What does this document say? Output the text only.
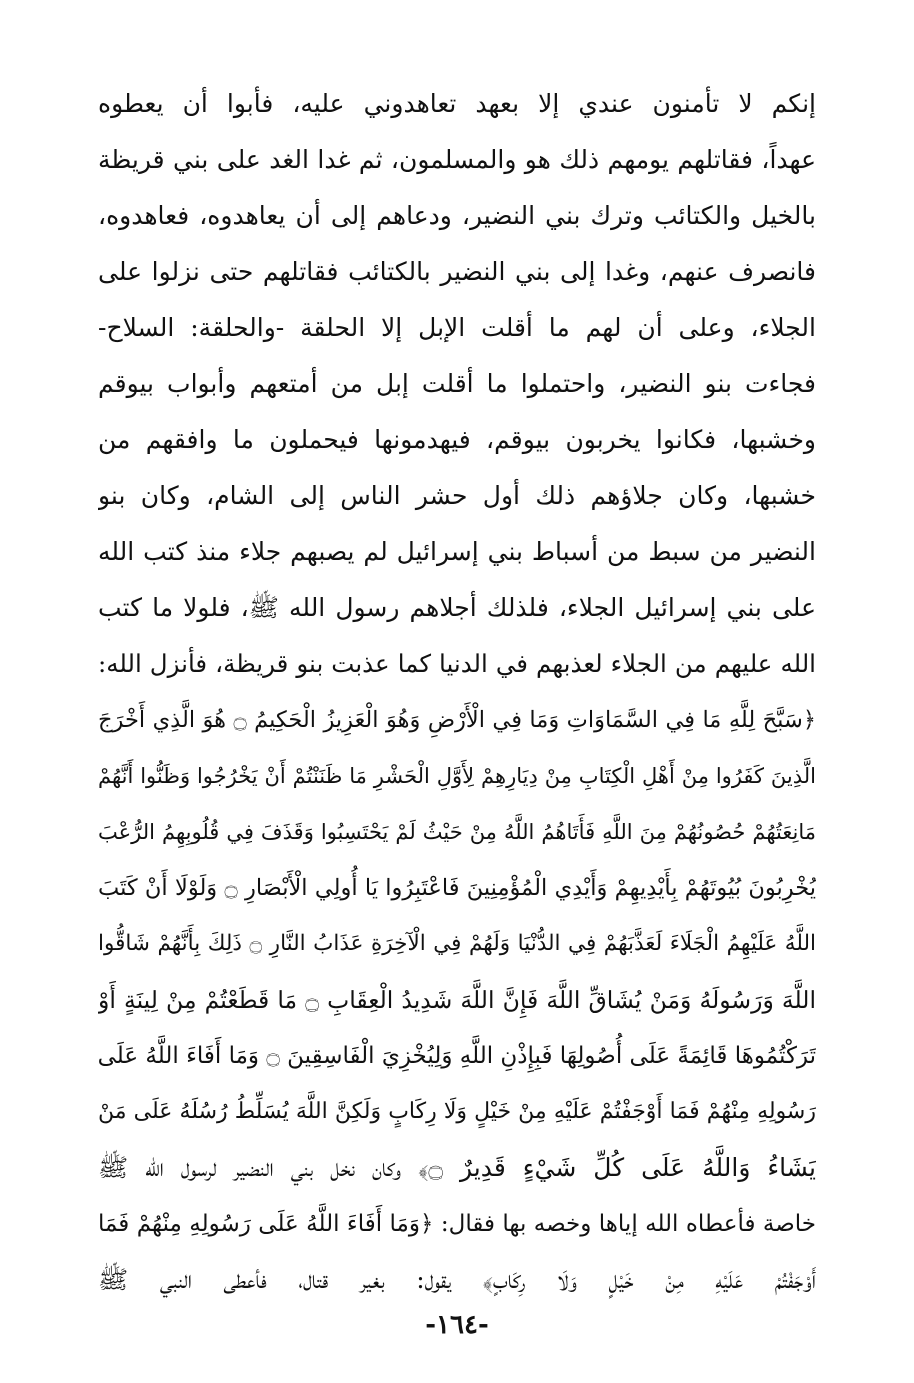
إنكم لا تأمنون عندي إلا بعهد تعاهدوني عليه، فأبوا أن يعطوه
عهداً، فقاتلهم يومهم ذلك هو والمسلمون، ثم غدا الغد على بني قريظة
بالخيل والكتائب وترك بني النضير، ودعاهم إلى أن يعاهدوه، فعاهدوه،
فانصرف عنهم، وغدا إلى بني النضير بالكتائب فقاتلهم حتى نزلوا على
الجلاء، وعلى أن لهم ما أقلت الإبل إلا الحلقة -والحلقة: السلاح-
فجاءت بنو النضير، واحتملوا ما أقلت إبل من أمتعهم وأبواب بيوقم
وخشبها، فكانوا يخربون بيوقم، فيهدمونها فيحملون ما وافقهم من
خشبها، وكان جلاؤهم ذلك أول حشر الناس إلى الشام، وكان بنو
النضير من سبط من أسباط بني إسرائيل لم يصبهم جلاء منذ كتب الله
على بني إسرائيل الجلاء، فلذلك أجلاهم رسول الله ﷺ، فلولا ما كتب
الله عليهم من الجلاء لعذبهم في الدنيا كما عذبت بنو قريظة، فأنزل الله:
﴿سَبَّحَ لِلَّهِ مَا فِي السَّمَاوَاتِ وَمَا فِي الْأَرْضِ وَهُوَ الْعَزِيزُ الْحَكِيمُ ۝ هُوَ الَّذِي أَخْرَجَ
الَّذِينَ كَفَرُوا مِنْ أَهْلِ الْكِتَابِ مِنْ دِيَارِهِمْ لِأَوَّلِ الْحَشْرِ مَا ظَنَنْتُمْ أَنْ يَخْرُجُوا وَظَنُّوا أَنَّهُمْ
مَانِعَتُهُمْ حُصُونُهُمْ مِنَ اللَّهِ فَأَتَاهُمُ اللَّهُ مِنْ حَيْثُ لَمْ يَحْتَسِبُوا وَقَذَفَ فِي قُلُوبِهِمُ الرُّعْبَ
يُخْرِبُونَ بُيُوتَهُمْ بِأَيْدِيهِمْ وَأَيْدِي الْمُؤْمِنِينَ فَاعْتَبِرُوا يَا أُولِي الْأَبْصَارِ ۝ وَلَوْلَا أَنْ كَتَبَ
اللَّهُ عَلَيْهِمُ الْجَلَاءَ لَعَذَّبَهُمْ فِي الدُّنْيَا وَلَهُمْ فِي الْآخِرَةِ عَذَابُ النَّارِ ۝ ذَلِكَ بِأَنَّهُمْ شَاقُّوا
اللَّهَ وَرَسُولَهُ وَمَنْ يُشَاقِّ اللَّهَ فَإِنَّ اللَّهَ شَدِيدُ الْعِقَابِ ۝ مَا قَطَعْتُمْ مِنْ لِينَةٍ أَوْ
تَرَكْتُمُوهَا قَائِمَةً عَلَى أُصُولِهَا فَبِإِذْنِ اللَّهِ وَلِيُخْزِيَ الْفَاسِقِينَ ۝ وَمَا أَفَاءَ اللَّهُ عَلَى
رَسُولِهِ مِنْهُمْ فَمَا أَوْجَفْتُمْ عَلَيْهِ مِنْ خَيْلٍ وَلَا رِكَابٍ وَلَكِنَّ اللَّهَ يُسَلِّطُ رُسُلَهُ عَلَى مَنْ
يَشَاءُ وَاللَّهُ عَلَى كُلِّ شَيْءٍ قَدِيرٌ ۝﴾ وكان نخل بني النضير لرسول الله ﷺ
خاصة فأعطاه الله إياها وخصه بها فقال: ﴿وَمَا أَفَاءَ اللَّهُ عَلَى رَسُولِهِ مِنْهُمْ فَمَا
أَوْجَفْتُمْ عَلَيْهِ مِنْ خَيْلٍ وَلَا رِكَابٍ﴾ يقول: بغير قتال، فأعطى النبي ﷺ
-١٦٤-
